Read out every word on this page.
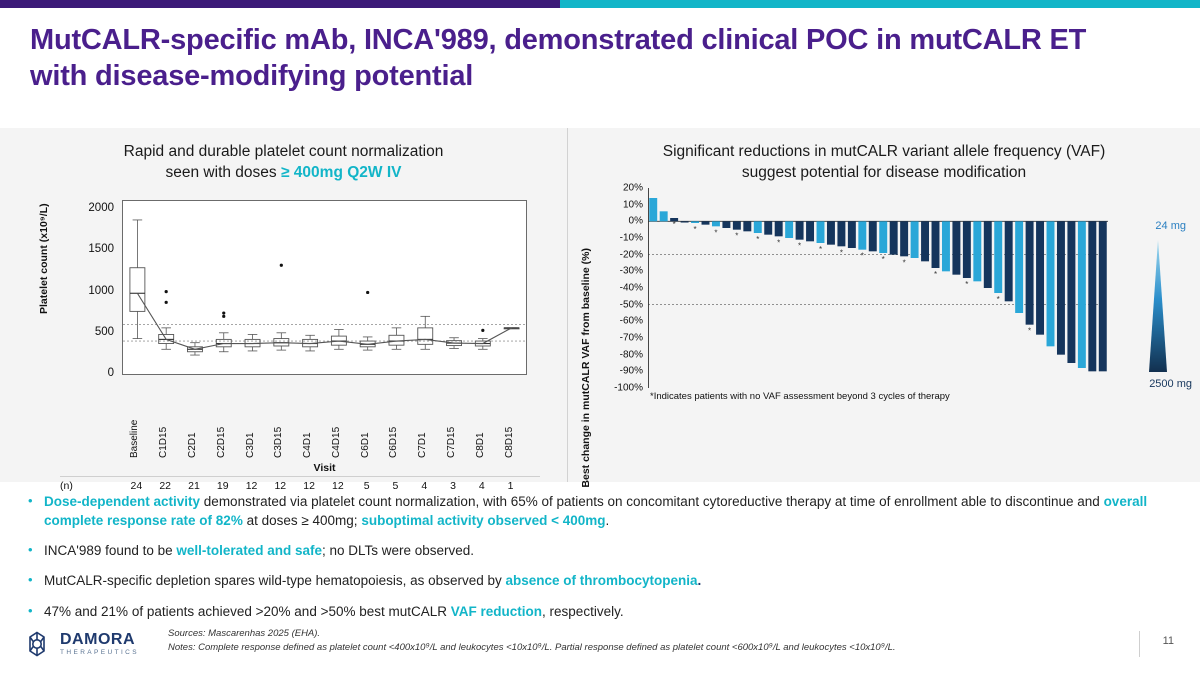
MutCALR-specific mAb, INCA'989, demonstrated clinical POC in mutCALR ET with disease-modifying potential
Rapid and durable platelet count normalization
seen with doses ≥ 400mg Q2W IV
Platelet count (x10⁹/L)
0
500
1000
1500
2000
Baseline C1D15 C2D1 C2D15 C3D1 C3D15 C4D1 C4D15 C6D1 C6D15 C7D1 C7D15 C8D1 C8D15
Visit
(n)	24 22 21 19 12 12 12 12 5 5 4 3 4 1
Significant reductions in mutCALR variant allele frequency (VAF)
suggest potential for disease modification
Best change in mutCALR VAF from baseline (%)
20%
10%
0%
-10%
-20%
-30%
-40%
-50%
-60%
-70%
-80%
-90%
-100%
*
* * * * * * * * * * *
*
*
*
*
*Indicates patients with no VAF assessment beyond 3 cycles of therapy
24 mg
2500 mg
• Dose-dependent activity demonstrated via platelet count normalization, with 65% of patients on concomitant cytoreductive therapy at time of enrollment able to discontinue and overall complete response rate of 82% at doses ≥ 400mg; suboptimal activity observed < 400mg.
• INCA'989 found to be well-tolerated and safe; no DLTs were observed.
• MutCALR-specific depletion spares wild-type hematopoiesis, as observed by absence of thrombocytopenia.
• 47% and 21% of patients achieved >20% and >50% best mutCALR VAF reduction, respectively.
DAMORA
THERAPEUTICS
Sources: Mascarenhas 2025 (EHA).
Notes: Complete response defined as platelet count <400x10⁹/L and leukocytes <10x10⁹/L. Partial response defined as platelet count <600x10⁹/L and leukocytes <10x10⁹/L.
11
